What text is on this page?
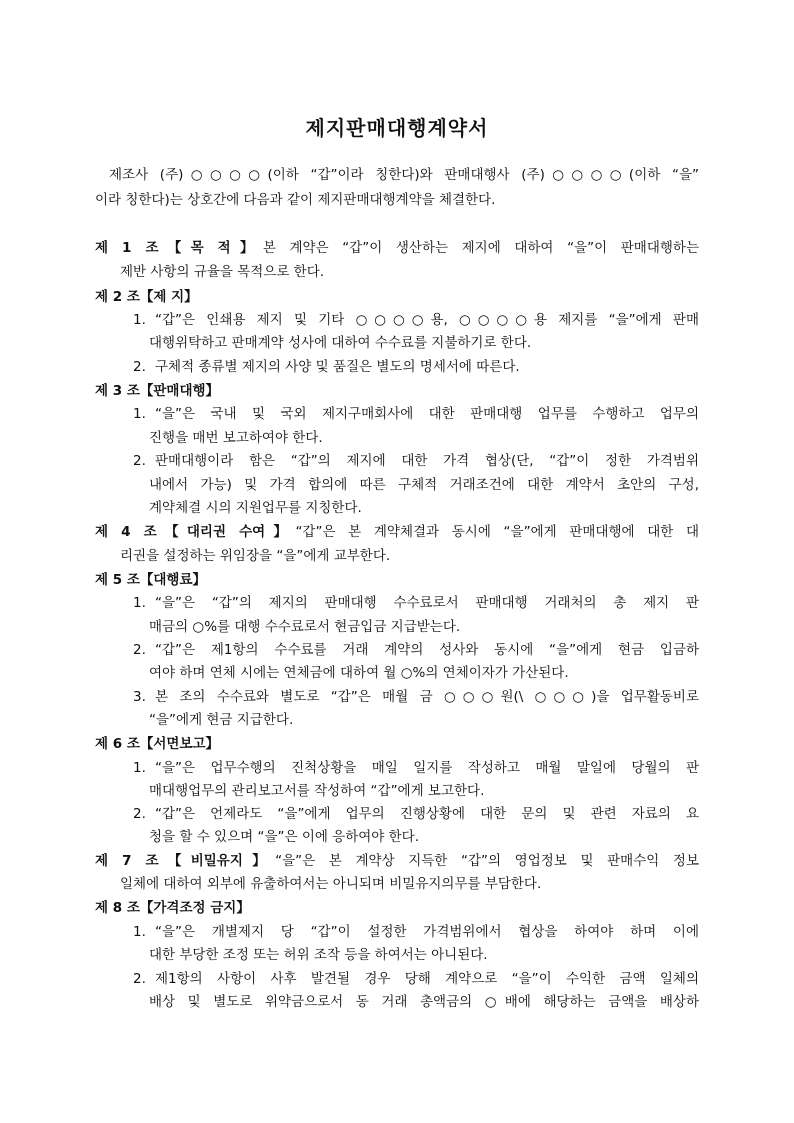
제지판매대행계약서
제조사 (주)○○○○(이하 “갑”이라 칭한다)와 판매대행사 (주)○○○○(이하 “을”
이라 칭한다)는 상호간에 다음과 같이 제지판매대행계약을 체결한다.
제 1 조【목 적】본 계약은 “갑”이 생산하는 제지에 대하여 “을”이 판매대행하는
제반 사항의 규율을 목적으로 한다.
제 2 조【제 지】
1. “갑”은 인쇄용 제지 및 기타 ○○○○용, ○○○○용 제지를 “을”에게 판매
대행위탁하고 판매계약 성사에 대하여 수수료를 지불하기로 한다.
2. 구체적 종류별 제지의 사양 및 품질은 별도의 명세서에 따른다.
제 3 조【판매대행】
1. “을”은 국내 및 국외 제지구매회사에 대한 판매대행 업무를 수행하고 업무의
진행을 매번 보고하여야 한다.
2. 판매대행이라 함은 “갑”의 제지에 대한 가격 협상(단, “갑”이 정한 가격범위
내에서 가능) 및 가격 합의에 따른 구체적 거래조건에 대한 계약서 초안의 구성,
계약체결 시의 지원업무를 지칭한다.
제 4 조【대리권 수여】“갑”은 본 계약체결과 동시에 “을”에게 판매대행에 대한 대
리권을 설정하는 위임장을 “을”에게 교부한다.
제 5 조【대행료】
1. “을”은 “갑”의 제지의 판매대행 수수료로서 판매대행 거래처의 총 제지 판
매금의 ○%를 대행 수수료로서 현금입금 지급받는다.
2. “갑”은 제1항의 수수료를 거래 계약의 성사와 동시에 “을”에게 현금 입금하
여야 하며 연체 시에는 연체금에 대하여 월 ○%의 연체이자가 가산된다.
3. 본 조의 수수료와 별도로 “갑”은 매월 금 ○○○원(\ ○○○)을 업무활동비로
“을”에게 현금 지급한다.
제 6 조【서면보고】
1. “을”은 업무수행의 진척상황을 매일 일지를 작성하고 매월 말일에 당월의 판
매대행업무의 관리보고서를 작성하여 “갑”에게 보고한다.
2. “갑”은 언제라도 “을”에게 업무의 진행상황에 대한 문의 및 관련 자료의 요
청을 할 수 있으며 “을”은 이에 응하여야 한다.
제 7 조【비밀유지】“을”은 본 계약상 지득한 “갑”의 영업정보 및 판매수익 정보
일체에 대하여 외부에 유출하여서는 아니되며 비밀유지의무를 부담한다.
제 8 조【가격조정 금지】
1. “을”은 개별제지 당 “갑”이 설정한 가격범위에서 협상을 하여야 하며 이에
대한 부당한 조정 또는 허위 조작 등을 하여서는 아니된다.
2. 제1항의 사항이 사후 발견될 경우 당해 계약으로 “을”이 수익한 금액 일체의
배상 및 별도로 위약금으로서 동 거래 총액금의 ○배에 해당하는 금액을 배상하
